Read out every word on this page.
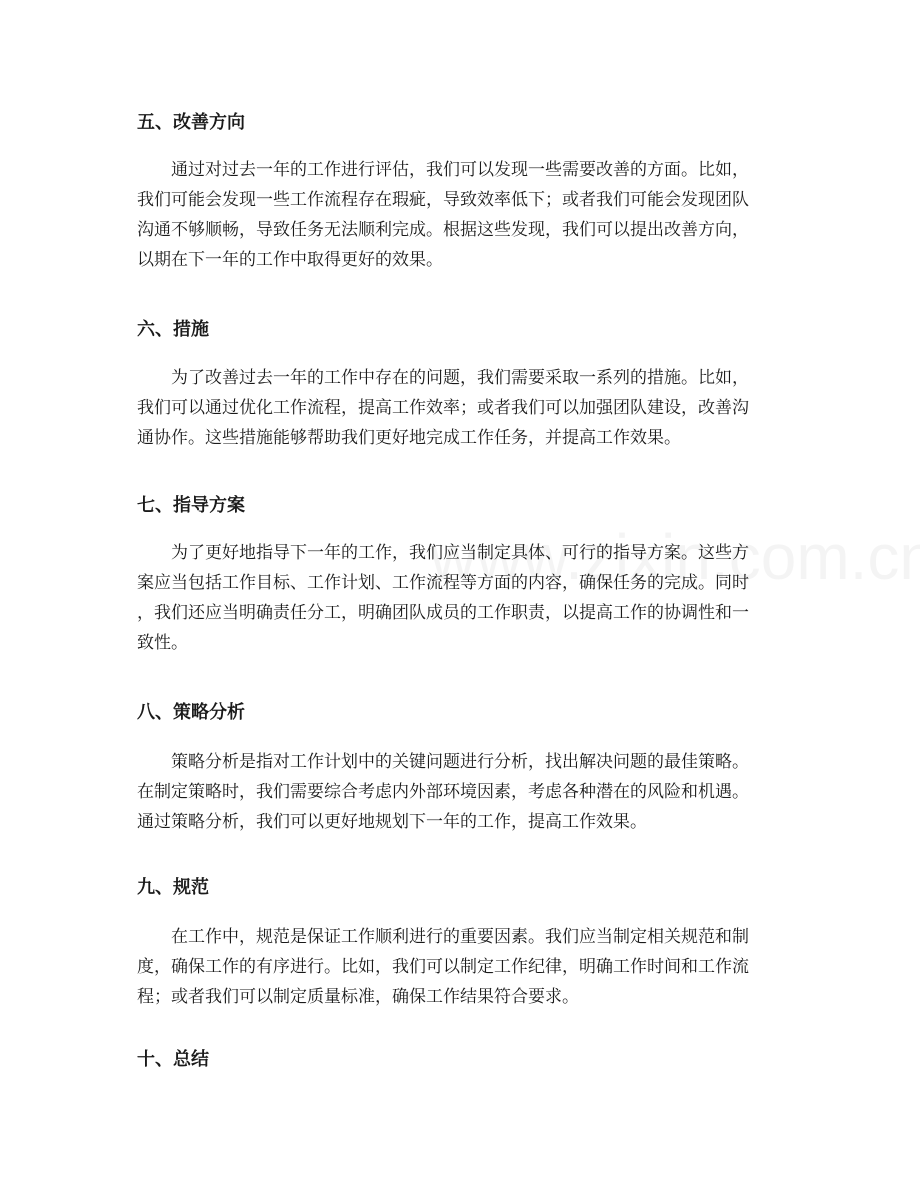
五、改善方向
　　通过对过去一年的工作进行评估，我们可以发现一些需要改善的方面。比如，
我们可能会发现一些工作流程存在瑕疵，导致效率低下；或者我们可能会发现团队
沟通不够顺畅，导致任务无法顺利完成。根据这些发现，我们可以提出改善方向，
以期在下一年的工作中取得更好的效果。
六、措施
　　为了改善过去一年的工作中存在的问题，我们需要采取一系列的措施。比如，
我们可以通过优化工作流程，提高工作效率；或者我们可以加强团队建设，改善沟
通协作。这些措施能够帮助我们更好地完成工作任务，并提高工作效果。
七、指导方案
　　为了更好地指导下一年的工作，我们应当制定具体、可行的指导方案。这些方
案应当包括工作目标、工作计划、工作流程等方面的内容，确保任务的完成。同时
，我们还应当明确责任分工，明确团队成员的工作职责，以提高工作的协调性和一
致性。
八、策略分析
　　策略分析是指对工作计划中的关键问题进行分析，找出解决问题的最佳策略。
在制定策略时，我们需要综合考虑内外部环境因素，考虑各种潜在的风险和机遇。
通过策略分析，我们可以更好地规划下一年的工作，提高工作效果。
九、规范
　　在工作中，规范是保证工作顺利进行的重要因素。我们应当制定相关规范和制
度，确保工作的有序进行。比如，我们可以制定工作纪律，明确工作时间和工作流
程；或者我们可以制定质量标准，确保工作结果符合要求。
十、总结
